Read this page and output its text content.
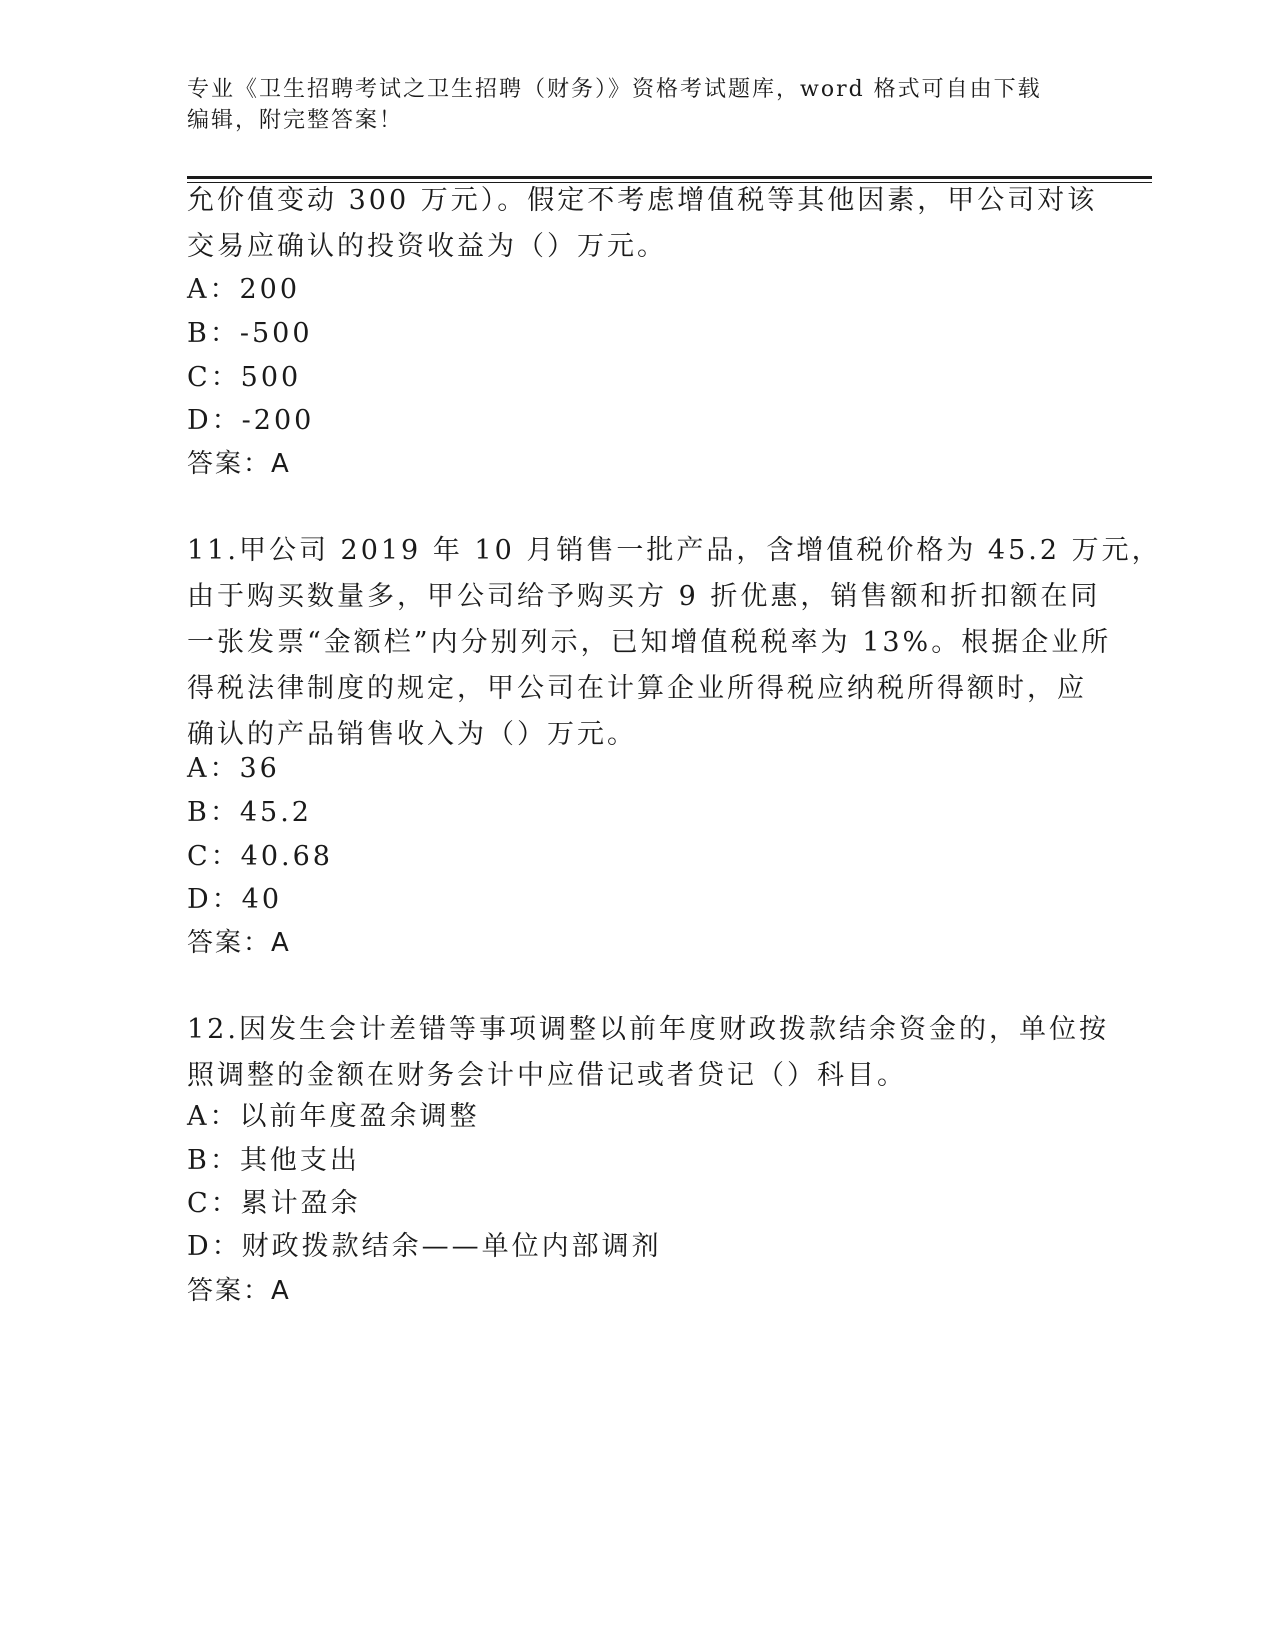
专业《卫生招聘考试之卫生招聘（财务）》资格考试题库，word 格式可自由下载
编辑，附完整答案！
允价值变动 300 万元）。假定不考虑增值税等其他因素，甲公司对该
交易应确认的投资收益为（）万元。
A：200
B：-500
C：500
D：-200
答案：A
11.甲公司 2019 年 10 月销售一批产品，含增值税价格为 45.2 万元，
由于购买数量多，甲公司给予购买方 9 折优惠，销售额和折扣额在同
一张发票“金额栏”内分别列示，已知增值税税率为 13%。根据企业所
得税法律制度的规定，甲公司在计算企业所得税应纳税所得额时，应
确认的产品销售收入为（）万元。
A：36
B：45.2
C：40.68
D：40
答案：A
12.因发生会计差错等事项调整以前年度财政拨款结余资金的，单位按
照调整的金额在财务会计中应借记或者贷记（）科目。
A：以前年度盈余调整
B：其他支出
C：累计盈余
D：财政拨款结余——单位内部调剂
答案：A
